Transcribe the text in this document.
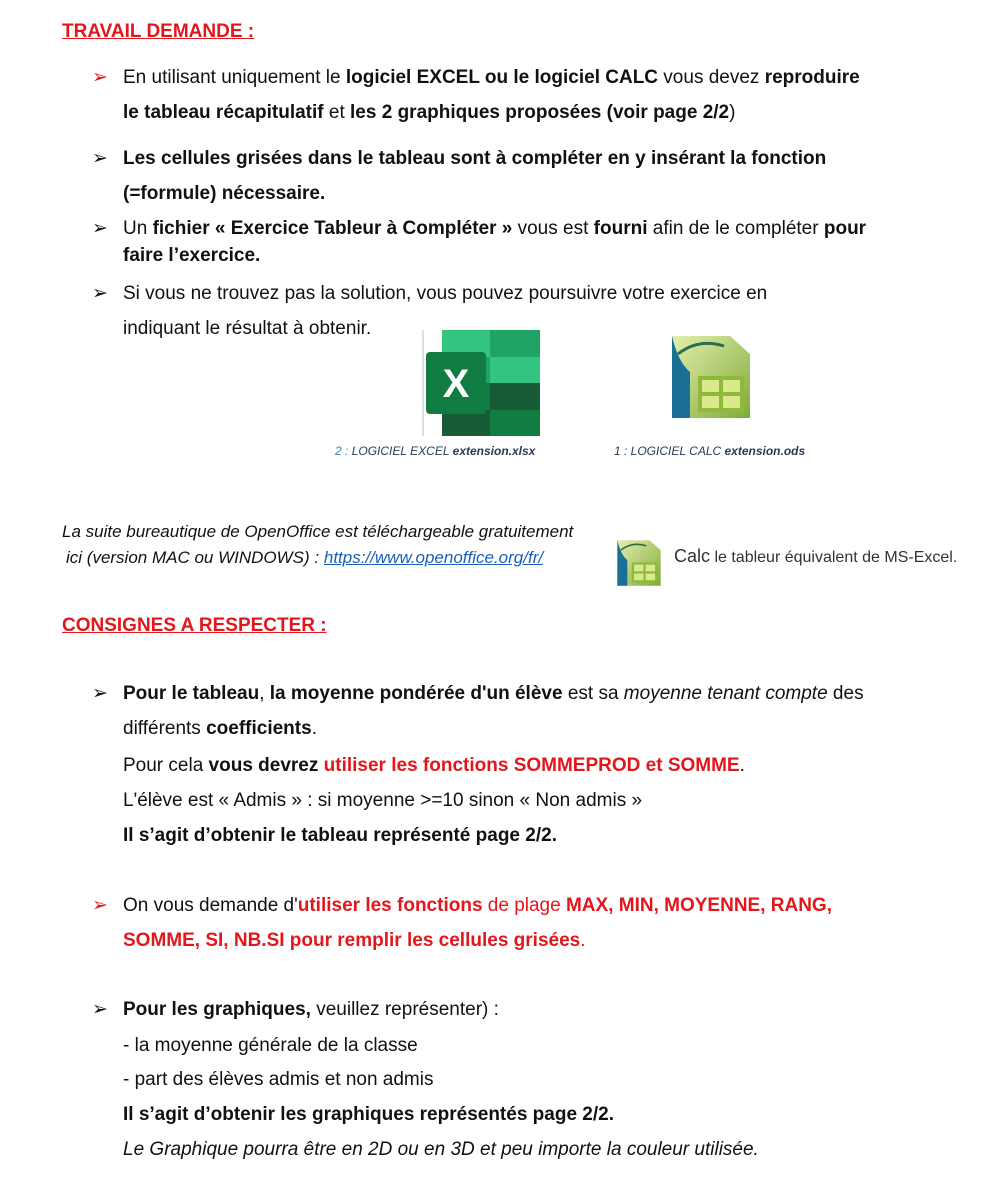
TRAVAIL DEMANDE :
➢ En utilisant uniquement le logiciel EXCEL ou le logiciel CALC vous devez reproduire
le tableau récapitulatif et les 2 graphiques proposées (voir page 2/2)
➢ Les cellules grisées dans le tableau sont à compléter en y insérant la fonction
(=formule) nécessaire.
➢ Un fichier « Exercice Tableur à Compléter » vous est fourni afin de le compléter pour
faire l’exercice.
➢ Si vous ne trouvez pas la solution, vous pouvez poursuivre votre exercice en
indiquant le résultat à obtenir.
X
2 : LOGICIEL EXCEL extension.xlsx	1 : LOGICIEL CALC extension.ods
La suite bureautique de OpenOffice est téléchargeable gratuitement
ici (version MAC ou WINDOWS) : https://www.openoffice.org/fr/	Calc le tableur équivalent de MS-Excel.
CONSIGNES A RESPECTER :
➢ Pour le tableau, la moyenne pondérée d'un élève est sa moyenne tenant compte des
différents coefficients.
Pour cela vous devrez utiliser les fonctions SOMMEPROD et SOMME.
L'élève est « Admis » : si moyenne >=10 sinon « Non admis »
Il s’agit d’obtenir le tableau représenté page 2/2.
➢ On vous demande d'utiliser les fonctions de plage MAX, MIN, MOYENNE, RANG,
SOMME, SI, NB.SI pour remplir les cellules grisées.
➢ Pour les graphiques, veuillez représenter) :
- la moyenne générale de la classe
- part des élèves admis et non admis
Il s’agit d’obtenir les graphiques représentés page 2/2.
Le Graphique pourra être en 2D ou en 3D et peu importe la couleur utilisée.
